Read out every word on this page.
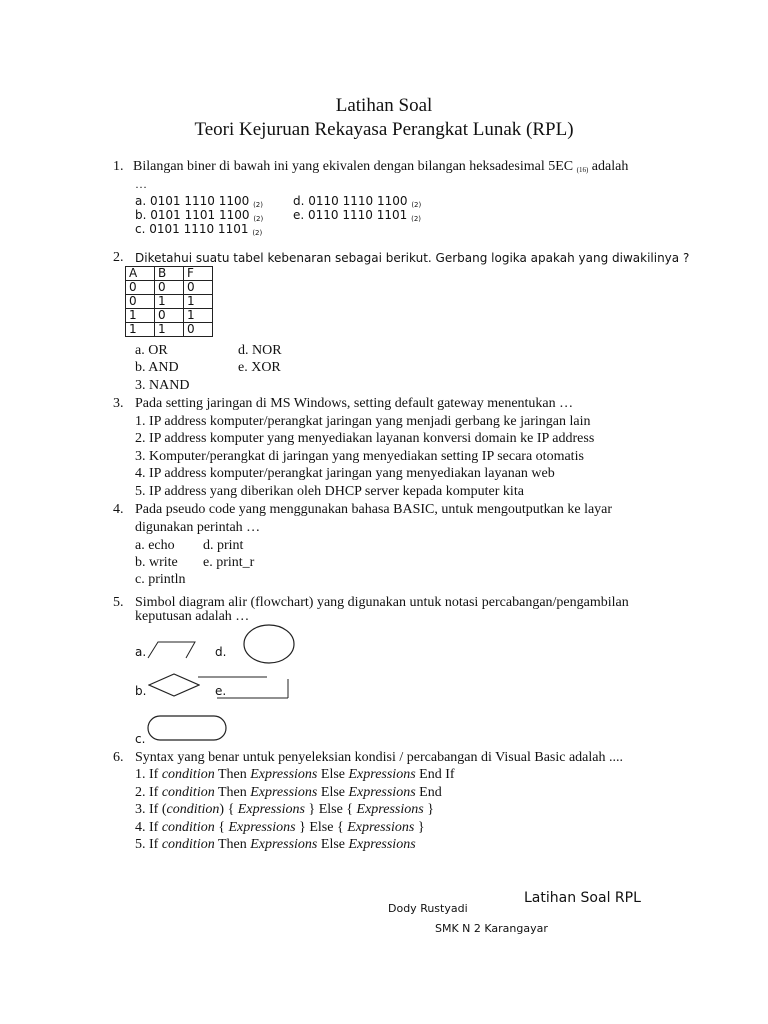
Latihan Soal
Teori Kejuruan Rekayasa Perangkat Lunak (RPL)
1. Bilangan biner di bawah ini yang ekivalen dengan bilangan heksadesimal 5EC $_{(16)}$ adalah
…
a. 0101 1110 1100 $_{(2)}$
b. 0101 1101 1100 $_{(2)}$
c. 0101 1110 1101 $_{(2)}$
d. 0110 1110 1100 $_{(2)}$
e. 0110 1110 1101 $_{(2)}$
2. Diketahui suatu tabel kebenaran sebagai berikut. Gerbang logika apakah yang diwakilinya ?
A	B	F
0	0	0
0	1	1
1	0	1
1	1	0
a. OR
b. AND
3. NAND
d. NOR
e. XOR
3. Pada setting jaringan di MS Windows, setting default gateway menentukan …
1. IP address komputer/perangkat jaringan yang menjadi gerbang ke jaringan lain
2. IP address komputer yang menyediakan layanan konversi domain ke IP address
3. Komputer/perangkat di jaringan yang menyediakan setting IP secara otomatis
4. IP address komputer/perangkat jaringan yang menyediakan layanan web
5. IP address yang diberikan oleh DHCP server kepada komputer kita
4. Pada pseudo code yang menggunakan bahasa BASIC, untuk mengoutputkan ke layar
digunakan perintah …
a. echo
b. write
c. println
d. print
e. print_r
5. Simbol diagram alir (flowchart) yang digunakan untuk notasi percabangan/pengambilan
keputusan adalah …
a.	d.
b.	e.
c.
6. Syntax yang benar untuk penyeleksian kondisi / percabangan di Visual Basic adalah ....
1. If condition Then Expressions Else Expressions End If
2. If condition Then Expressions Else Expressions End
3. If (condition) { Expressions } Else { Expressions }
4. If condition { Expressions } Else { Expressions }
5. If condition Then Expressions Else Expressions
Latihan Soal RPL
Dody Rustyadi
SMK N 2 Karangayar
